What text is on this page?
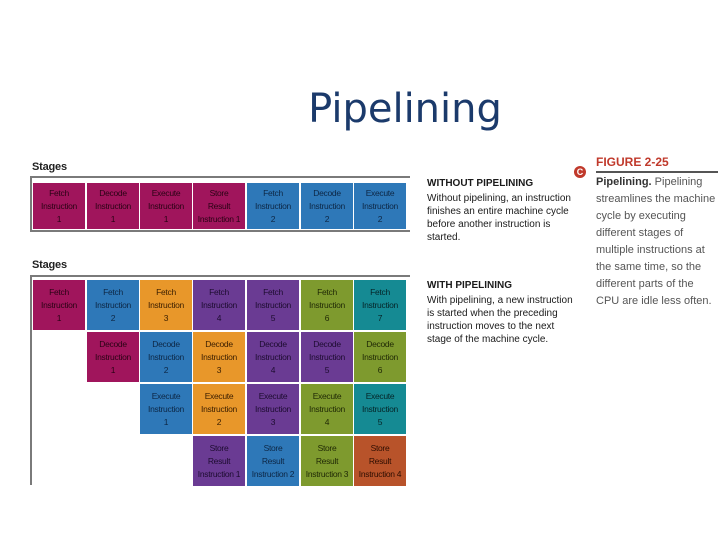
Pipelining
Stages
Fetch
Instruction
1
Decode
Instruction
1
Execute
Instruction
1
Store
Result
Instruction 1
Fetch
Instruction
2
Decode
Instruction
2
Execute
Instruction
2
WITHOUT PIPELINING
Without pipelining, an instruction finishes an entire machine cycle before another instruction is started.
Stages
Fetch
Instruction
1
Fetch
Instruction
2
Fetch
Instruction
3
Fetch
Instruction
4
Fetch
Instruction
5
Fetch
Instruction
6
Fetch
Instruction
7
Decode
Instruction
1
Decode
Instruction
2
Decode
Instruction
3
Decode
Instruction
4
Decode
Instruction
5
Decode
Instruction
6
Execute
Instruction
1
Execute
Instruction
2
Execute
Instruction
3
Execute
Instruction
4
Execute
Instruction
5
Store
Result
Instruction 1
Store
Result
Instruction 2
Store
Result
Instruction 3
Store
Result
Instruction 4
WITH PIPELINING
With pipelining, a new instruction is started when the preceding instruction moves to the next stage of the machine cycle.
C
FIGURE 2-25
Pipelining. Pipelining streamlines the machine cycle by executing different stages of multiple instructions at the same time, so the different parts of the CPU are idle less often.
